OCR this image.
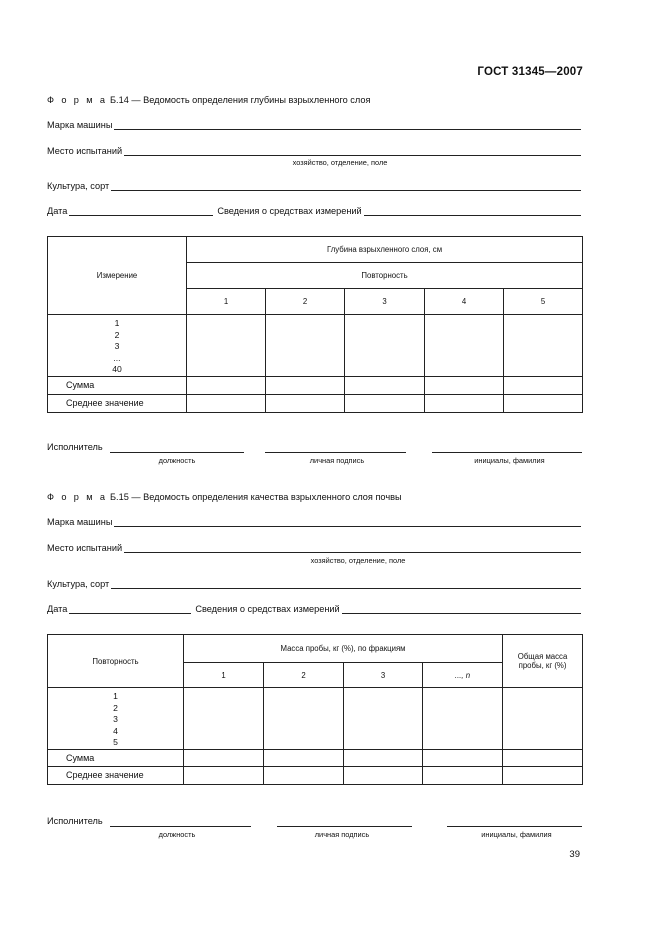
ГОСТ 31345—2007
Ф о р м а Б.14 — Ведомость определения глубины взрыхленного слоя
Марка машины
Место испытаний
хозяйство, отделение, поле
Культура, сорт
Дата	Сведения о средствах измерений
Измерение	Глубина взрыхленного слоя, см				
	Повторность				
	1	2	3	4	5

1
2
3
...
40					

Сумма					
Среднее значение					
Исполнитель
должность	личная подпись	инициалы, фамилия
Ф о р м а Б.15 — Ведомость определения качества взрыхленного слоя почвы
Марка машины
Место испытаний
хозяйство, отделение, поле
Культура, сорт
Дата	Сведения о средствах измерений
Повторность	Масса пробы, кг (%), по фракциям				Общая масса
пробы, кг (%)

	1	2	3	..., n	

1
2
3
4
5					

Сумма					
Среднее значение					
Исполнитель
должность	личная подпись	инициалы, фамилия
39
